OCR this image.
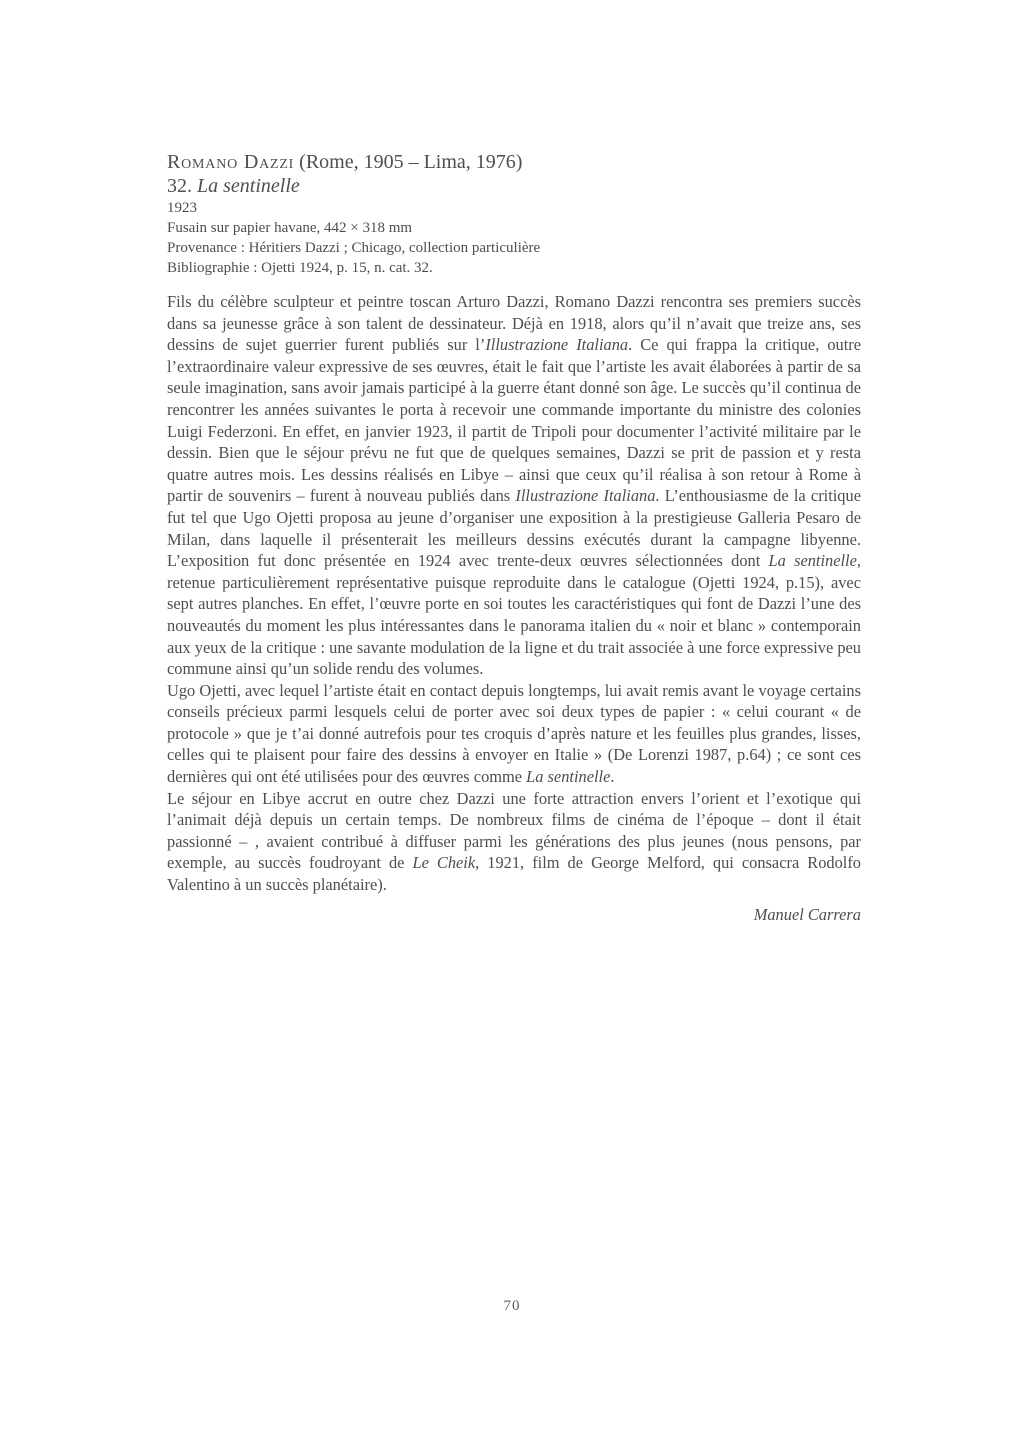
Romano Dazzi (Rome, 1905 – Lima, 1976)
32. La sentinelle
1923
Fusain sur papier havane, 442 × 318 mm
Provenance : Héritiers Dazzi ; Chicago, collection particulière
Bibliographie : Ojetti 1924, p. 15, n. cat. 32.

Fils du célèbre sculpteur et peintre toscan Arturo Dazzi, Romano Dazzi rencontra ses premiers succès dans sa jeunesse grâce à son talent de dessinateur. Déjà en 1918, alors qu’il n’avait que treize ans, ses dessins de sujet guerrier furent publiés sur l’Illustrazione Italiana. Ce qui frappa la critique, outre l’extraordinaire valeur expressive de ses œuvres, était le fait que l’artiste les avait élaborées à partir de sa seule imagination, sans avoir jamais participé à la guerre étant donné son âge. Le succès qu’il continua de rencontrer les années suivantes le porta à recevoir une commande importante du ministre des colonies Luigi Federzoni. En effet, en janvier 1923, il partit de Tripoli pour documenter l’activité militaire par le dessin. Bien que le séjour prévu ne fut que de quelques semaines, Dazzi se prit de passion et y resta quatre autres mois. Les dessins réalisés en Libye – ainsi que ceux qu’il réalisa à son retour à Rome à partir de souvenirs – furent à nouveau publiés dans Illustrazione Italiana. L’enthousiasme de la critique fut tel que Ugo Ojetti proposa au jeune d’organiser une exposition à la prestigieuse Galleria Pesaro de Milan, dans laquelle il présenterait les meilleurs dessins exécutés durant la campagne libyenne. L’exposition fut donc présentée en 1924 avec trente-deux œuvres sélectionnées dont La sentinelle, retenue particulièrement représentative puisque reproduite dans le catalogue (Ojetti 1924, p.15), avec sept autres planches. En effet, l’œuvre porte en soi toutes les caractéristiques qui font de Dazzi l’une des nouveautés du moment les plus intéressantes dans le panorama italien du « noir et blanc » contemporain aux yeux de la critique : une savante modulation de la ligne et du trait associée à une force expressive peu commune ainsi qu’un solide rendu des volumes.

Ugo Ojetti, avec lequel l’artiste était en contact depuis longtemps, lui avait remis avant le voyage certains conseils précieux parmi lesquels celui de porter avec soi deux types de papier : « celui courant « de protocole » que je t’ai donné autrefois pour tes croquis d’après nature et les feuilles plus grandes, lisses, celles qui te plaisent pour faire des dessins à envoyer en Italie » (De Lorenzi 1987, p.64) ; ce sont ces dernières qui ont été utilisées pour des œuvres comme La sentinelle.

Le séjour en Libye accrut en outre chez Dazzi une forte attraction envers l’orient et l’exotique qui l’animait déjà depuis un certain temps. De nombreux films de cinéma de l’époque – dont il était passionné – , avaient contribué à diffuser parmi les générations des plus jeunes (nous pensons, par exemple, au succès foudroyant de Le Cheik, 1921, film de George Melford, qui consacra Rodolfo Valentino à un succès planétaire).

Manuel Carrera
70
